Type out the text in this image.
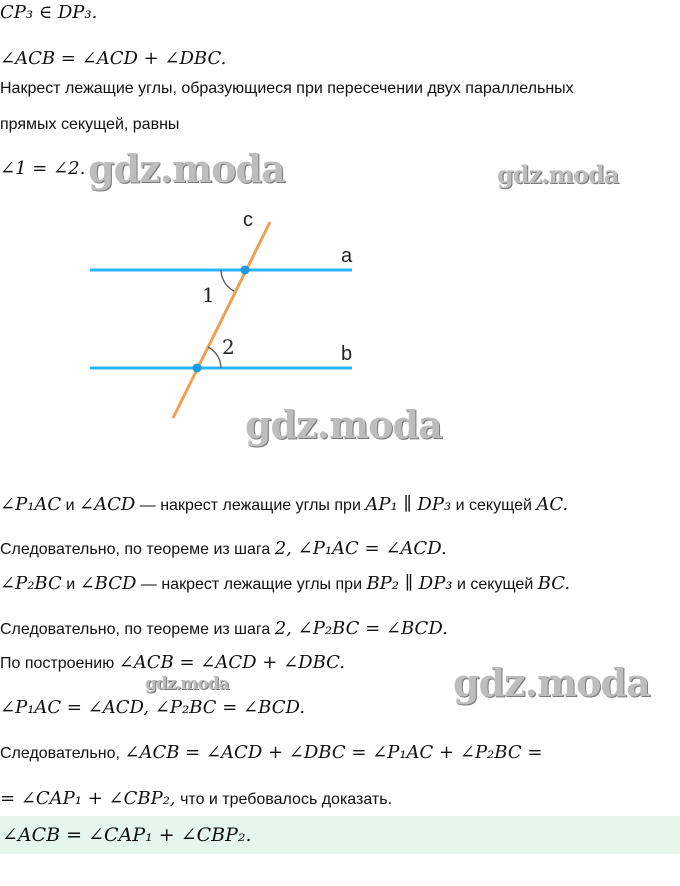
CP₃ ∈ DP₃.
∠ACB = ∠ACD + ∠DBC.
Накрест лежащие углы, образующиеся при пересечении двух параллельных
прямых секущей, равны
∠1 = ∠2. gdz.moda	gdz.moda
c
a
b
1
2
gdz.moda
∠P₁AC и ∠ACD — накрест лежащие углы при AP₁ ∥ DP₃ и секущей AC.
Следовательно, по теореме из шага 2, ∠P₁AC = ∠ACD.
∠P₂BC и ∠BCD — накрест лежащие углы при BP₂ ∥ DP₃ и секущей BC.
Следовательно, по теореме из шага 2, ∠P₂BC = ∠BCD.
По построению ∠ACB = ∠ACD + ∠DBC.
gdz.moda	gdz.moda
∠P₁AC = ∠ACD, ∠P₂BC = ∠BCD.
Следовательно, ∠ACB = ∠ACD + ∠DBC = ∠P₁AC + ∠P₂BC =
= ∠CAP₁ + ∠CBP₂, что и требовалось доказать.
∠ACB = ∠CAP₁ + ∠CBP₂.
